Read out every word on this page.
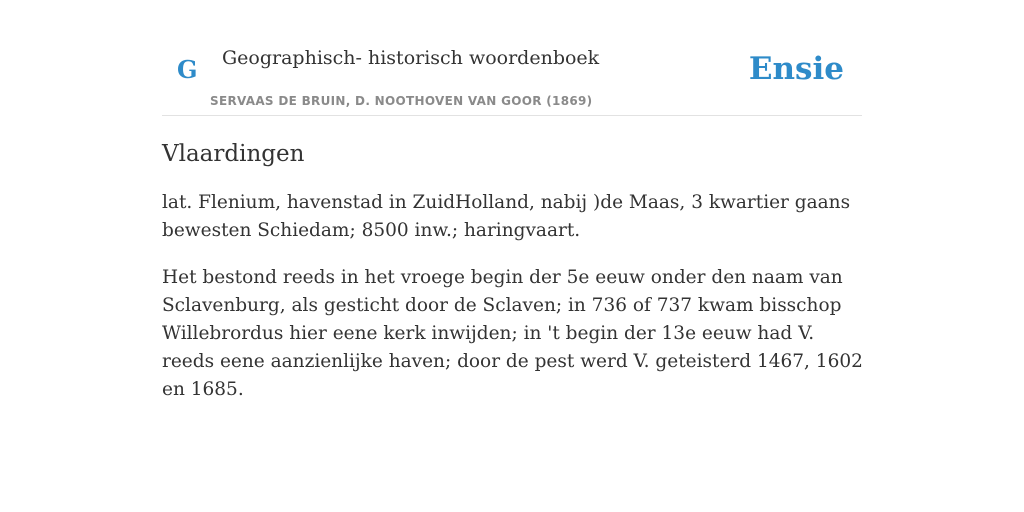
G Geographisch- historisch woordenboek
SERVAAS DE BRUIN, D. NOOTHOVEN VAN GOOR (1869)
Ensie
Vlaardingen

lat. Flenium, havenstad in ZuidHolland, nabij )de Maas, 3 kwartier gaans bewesten Schiedam; 8500 inw.; haringvaart.

Het bestond reeds in het vroege begin der 5e eeuw onder den naam van Sclavenburg, als gesticht door de Sclaven; in 736 of 737 kwam bisschop Willebrordus hier eene kerk inwijden; in 't begin der 13e eeuw had V. reeds eene aanzienlijke haven; door de pest werd V. geteisterd 1467, 1602 en 1685.
